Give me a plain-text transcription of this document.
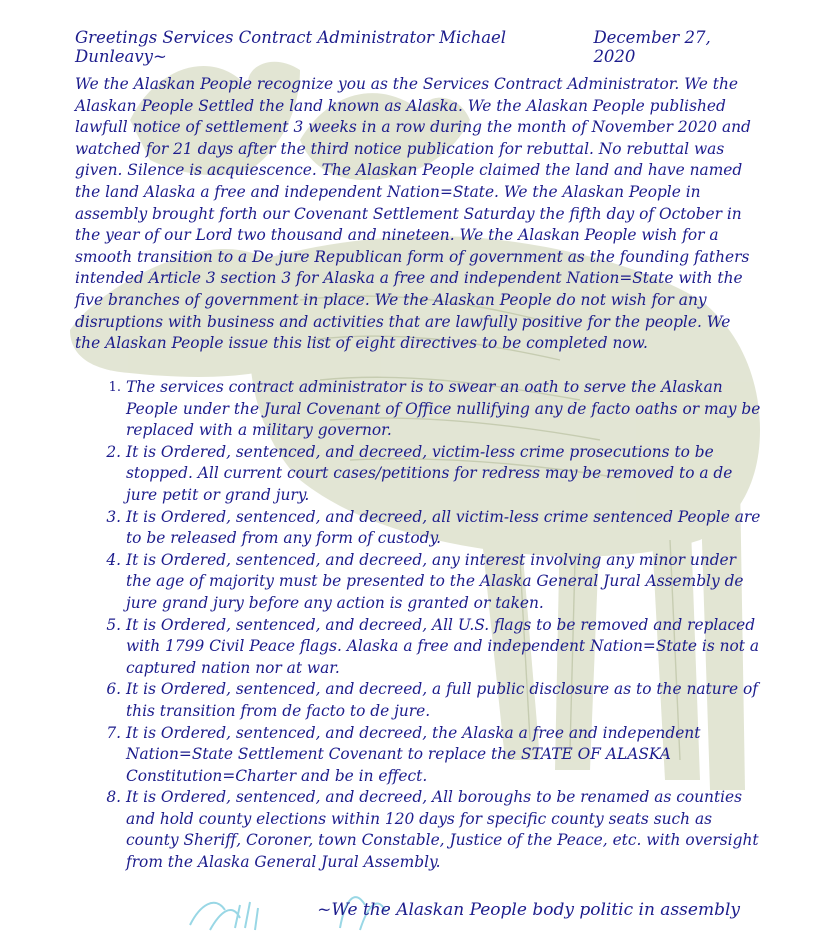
Greetings Services Contract Administrator Michael Dunleavy~
December 27, 2020

We the Alaskan People recognize you as the Services Contract Administrator. We the Alaskan People Settled the land known as Alaska. We the Alaskan People published lawfull notice of settlement 3 weeks in a row during the month of November 2020 and watched for 21 days after the third notice publication for rebuttal. No rebuttal was given. Silence is acquiescence. The Alaskan People claimed the land and have named the land Alaska a free and independent Nation=State. We the Alaskan People in assembly brought forth our Covenant Settlement Saturday the fifth day of October in the year of our Lord two thousand and nineteen. We the Alaskan People wish for a smooth transition to a De jure Republican form of government as the founding fathers intended Article 3 section 3 for Alaska a free and independent Nation=State with the five branches of government in place. We the Alaskan People do not wish for any disruptions with business and activities that are lawfully positive for the people. We the Alaskan People issue this list of eight directives to be completed now.

1. The services contract administrator is to swear an oath to serve the Alaskan People under the Jural Covenant of Office nullifying any de facto oaths or may be replaced with a military governor.
2. It is Ordered, sentenced, and decreed, victim-less crime prosecutions to be stopped. All current court cases/petitions for redress may be removed to a de jure petit or grand jury.
3. It is Ordered, sentenced, and decreed, all victim-less crime sentenced People are to be released from any form of custody.
4. It is Ordered, sentenced, and decreed, any interest involving any minor under the age of majority must be presented to the Alaska General Jural Assembly de jure grand jury before any action is granted or taken.
5. It is Ordered, sentenced, and decreed, All U.S. flags to be removed and replaced with 1799 Civil Peace flags. Alaska a free and independent Nation=State is not a captured nation nor at war.
6. It is Ordered, sentenced, and decreed, a full public disclosure as to the nature of this transition from de facto to de jure.
7. It is Ordered, sentenced, and decreed, the Alaska a free and independent Nation=State Settlement Covenant to replace the STATE OF ALASKA Constitution=Charter and be in effect.
8. It is Ordered, sentenced, and decreed, All boroughs to be renamed as counties and hold county elections within 120 days for specific county seats such as county Sheriff, Coroner, town Constable, Justice of the Peace, etc. with oversight from the Alaska General Jural Assembly.
~We the Alaskan People body politic in assembly
